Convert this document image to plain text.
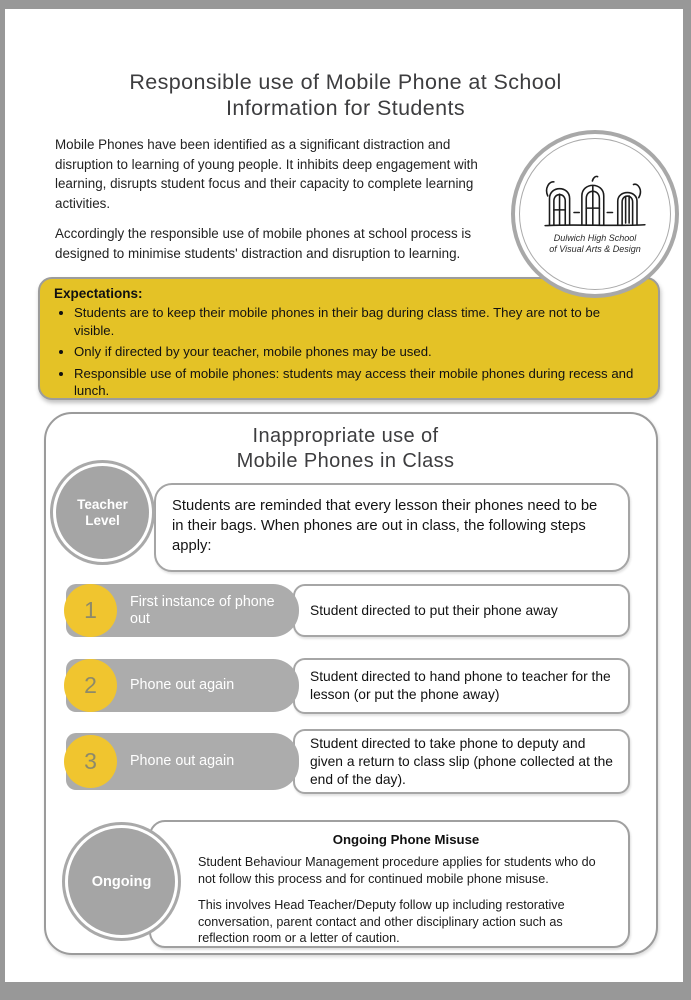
Responsible use of Mobile Phone at School
Information for Students

Mobile Phones have been identified as a significant distraction and disruption to learning of young people. It inhibits deep engagement with learning, disrupts student focus and their capacity to complete learning activities.

Accordingly the responsible use of mobile phones at school process is designed to minimise students' distraction and disruption to learning.

Dulwich High School
of Visual Arts & Design
Expectations:
• Students are to keep their mobile phones in their bag during class time. They are not to be visible.
• Only if directed by your teacher, mobile phones may be used.
• Responsible use of mobile phones: students may access their mobile phones during recess and lunch.
Inappropriate use of
Mobile Phones in Class
Teacher
Level
Students are reminded that every lesson their phones need to be in their bags. When phones are out in class, the following steps apply:
Student directed to put their phone away
First instance of phone out
1
Student directed to hand phone to teacher for the lesson (or put the phone away)
Phone out again
2
Student directed to take phone to deputy and given a return to class slip (phone collected at the end of the day).
Phone out again
3
Ongoing Phone Misuse

Student Behaviour Management procedure applies for students who do not follow this process and for continued mobile phone misuse.

This involves Head Teacher/Deputy follow up including restorative conversation, parent contact and other disciplinary action such as reflection room or a letter of caution.

Ongoing
